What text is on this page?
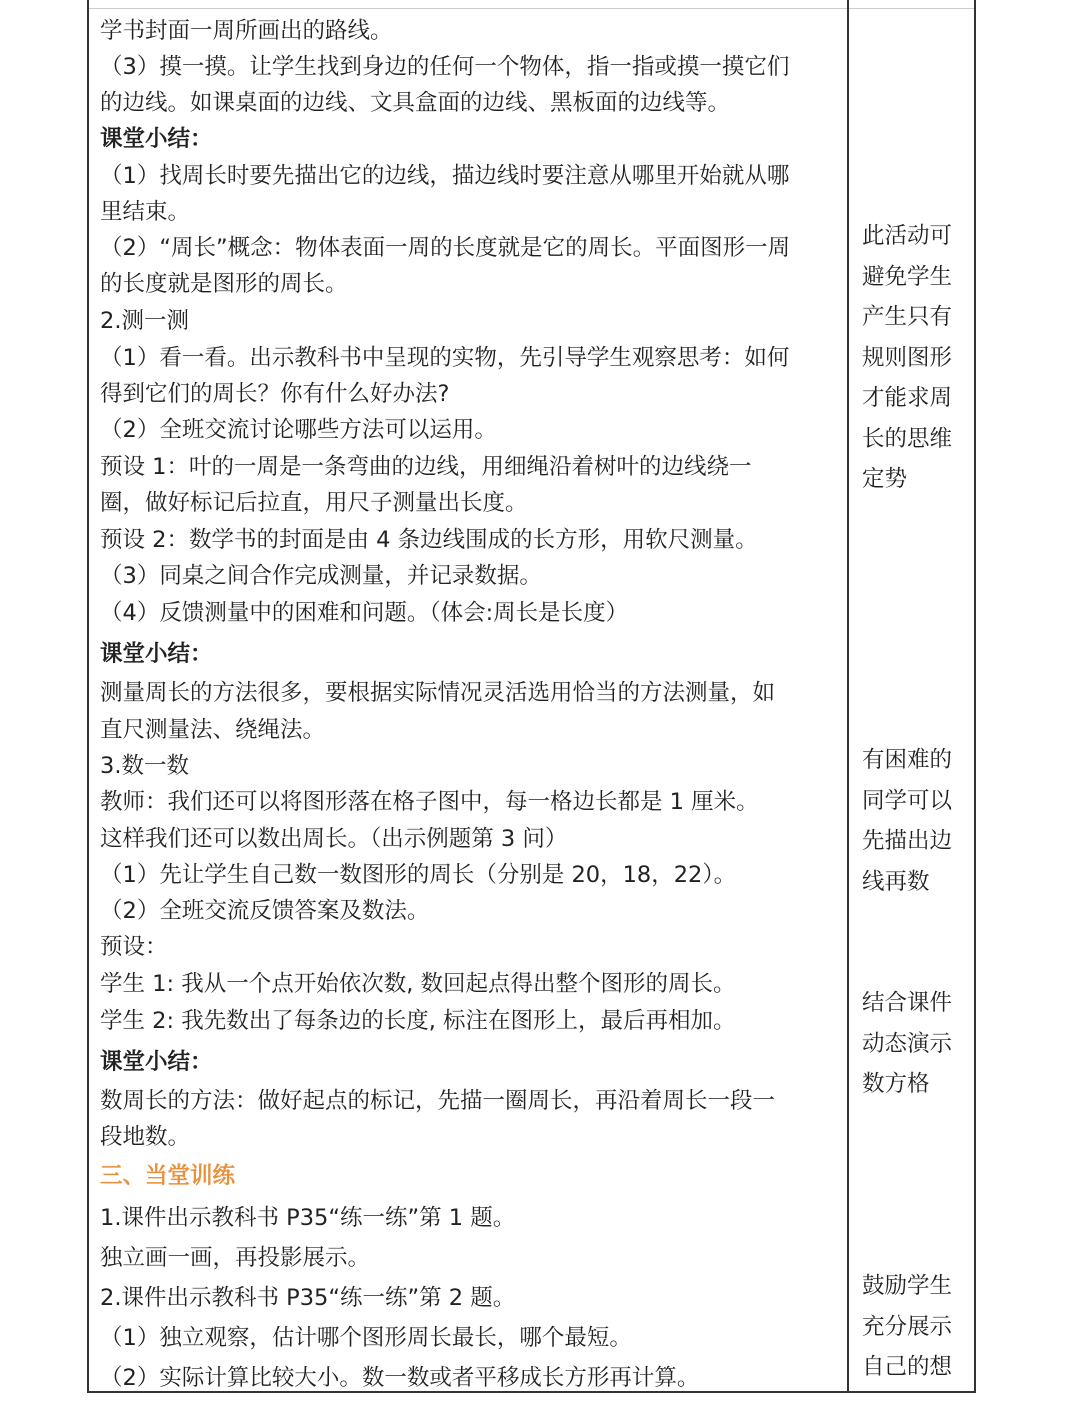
学书封面一周所画出的路线。
（3）摸一摸。让学生找到身边的任何一个物体，指一指或摸一摸它们
的边线。如课桌面的边线、文具盒面的边线、黑板面的边线等。
课堂小结：
（1）找周长时要先描出它的边线，描边线时要注意从哪里开始就从哪
里结束。
（2）“周长”概念：物体表面一周的长度就是它的周长。平面图形一周
的长度就是图形的周长。
2.测一测
（1）看一看。出示教科书中呈现的实物，先引导学生观察思考：如何
得到它们的周长？你有什么好办法?
（2）全班交流讨论哪些方法可以运用。
预设 1：叶的一周是一条弯曲的边线，用细绳沿着树叶的边线绕一
圈，做好标记后拉直，用尺子测量出长度。
预设 2：数学书的封面是由 4 条边线围成的长方形，用软尺测量。
（3）同桌之间合作完成测量，并记录数据。
（4）反馈测量中的困难和问题。（体会:周长是长度）
课堂小结：
测量周长的方法很多，要根据实际情况灵活选用恰当的方法测量，如
直尺测量法、绕绳法。
3.数一数
教师：我们还可以将图形落在格子图中，每一格边长都是 1 厘米。
这样我们还可以数出周长。（出示例题第 3 问）
（1）先让学生自己数一数图形的周长（分别是 20，18，22）。
（2）全班交流反馈答案及数法。
预设：
学生 1: 我从一个点开始依次数, 数回起点得出整个图形的周长。
学生 2: 我先数出了每条边的长度, 标注在图形上，最后再相加。
课堂小结：
数周长的方法：做好起点的标记，先描一圈周长，再沿着周长一段一
段地数。
三、当堂训练
1.课件出示教科书 P35“练一练”第 1 题。
独立画一画，再投影展示。
2.课件出示教科书 P35“练一练”第 2 题。
（1）独立观察，估计哪个图形周长最长，哪个最短。
（2）实际计算比较大小。数一数或者平移成长方形再计算。
此活动可
避免学生
产生只有
规则图形
才能求周
长的思维
定势
有困难的
同学可以
先描出边
线再数
结合课件
动态演示
数方格
鼓励学生
充分展示
自己的想
